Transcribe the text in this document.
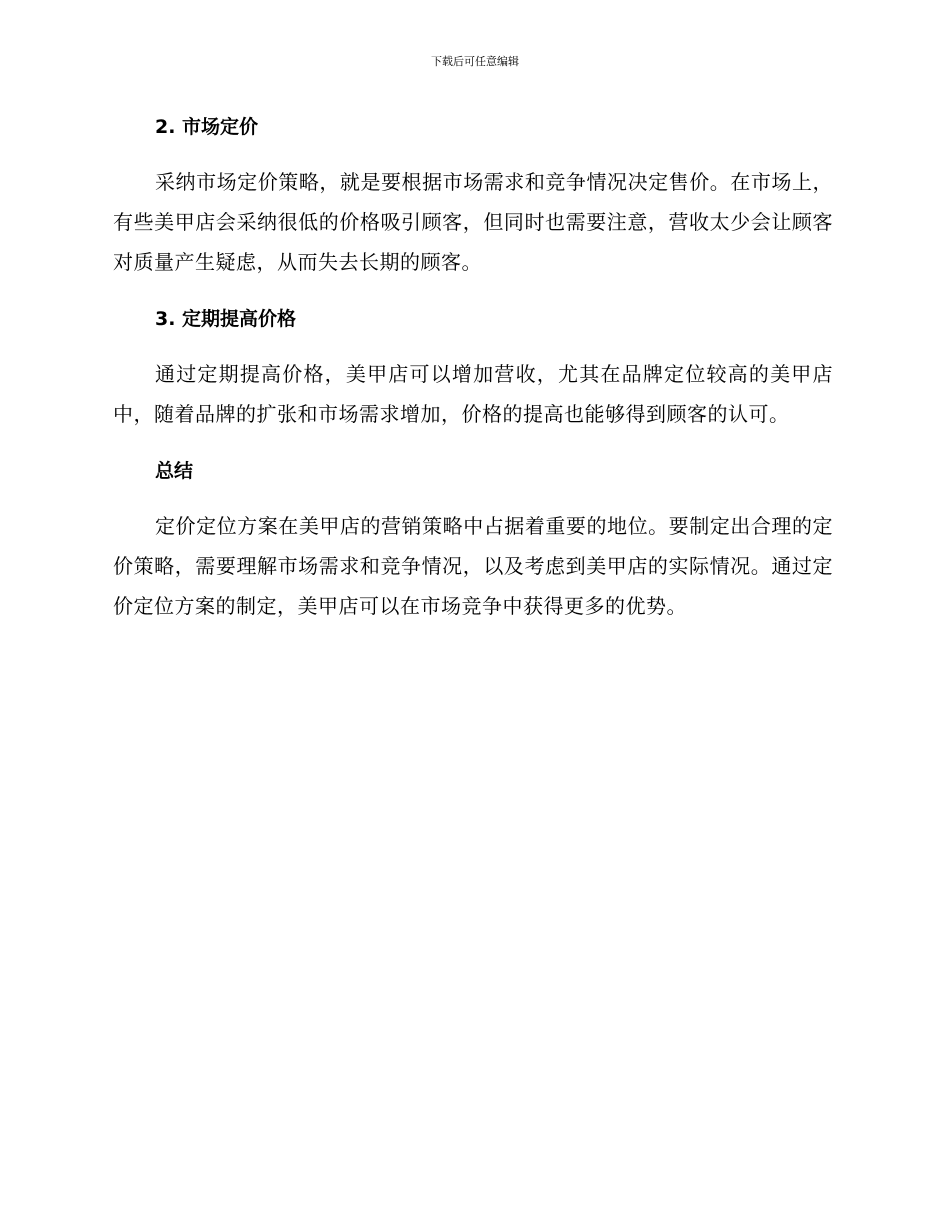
下载后可任意编辑
2. 市场定价

采纳市场定价策略，就是要根据市场需求和竞争情况决定售价。在市场上，有些美甲店会采纳很低的价格吸引顾客，但同时也需要注意，营收太少会让顾客对质量产生疑虑，从而失去长期的顾客。

3. 定期提高价格

通过定期提高价格，美甲店可以增加营收，尤其在品牌定位较高的美甲店中，随着品牌的扩张和市场需求增加，价格的提高也能够得到顾客的认可。

总结

定价定位方案在美甲店的营销策略中占据着重要的地位。要制定出合理的定价策略，需要理解市场需求和竞争情况，以及考虑到美甲店的实际情况。通过定价定位方案的制定，美甲店可以在市场竞争中获得更多的优势。
